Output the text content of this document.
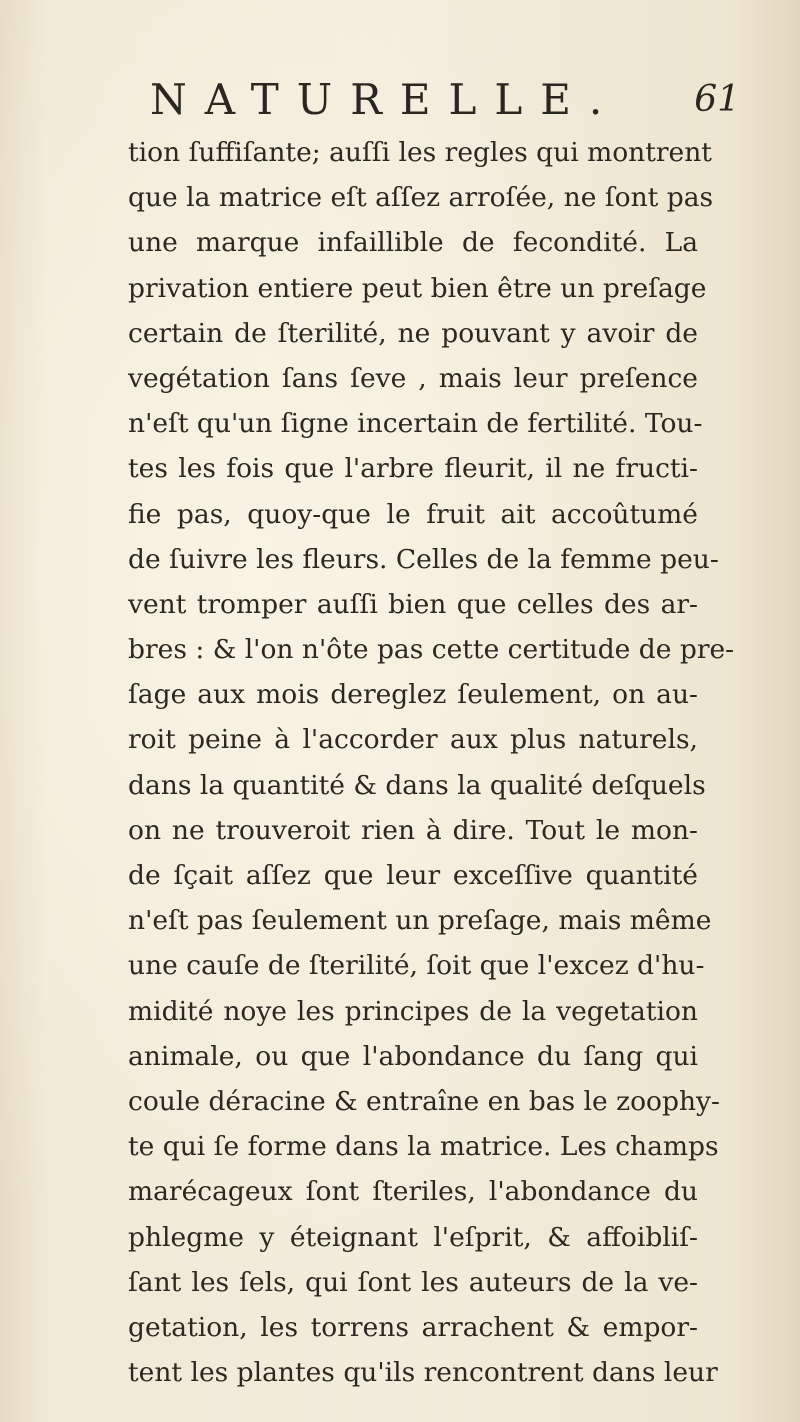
NATURELLE. 61
tion ſuffiſante; auſſi les regles qui montrent
que la matrice eſt aſſez arroſée, ne ſont pas
une marque infaillible de fecondité. La
privation entiere peut bien être un preſage
certain de ſterilité, ne pouvant y avoir de
vegétation ſans ſeve , mais leur preſence
n'eſt qu'un ſigne incertain de fertilité. Tou-
tes les fois que l'arbre fleurit, il ne fructi-
fie pas, quoy-que le fruit ait accoûtumé
de ſuivre les fleurs. Celles de la femme peu-
vent tromper auſſi bien que celles des ar-
bres : & l'on n'ôte pas cette certitude de pre-
ſage aux mois dereglez ſeulement, on au-
roit peine à l'accorder aux plus naturels,
dans la quantité & dans la qualité deſquels
on ne trouveroit rien à dire. Tout le mon-
de ſçait aſſez que leur exceſſive quantité
n'eſt pas ſeulement un preſage, mais même
une cauſe de ſterilité, ſoit que l'excez d'hu-
midité noye les principes de la vegetation
animale, ou que l'abondance du ſang qui
coule déracine & entraîne en bas le zoophy-
te qui ſe forme dans la matrice. Les champs
marécageux ſont ſteriles, l'abondance du
phlegme y éteignant l'eſprit, & affoibliſ-
ſant les ſels, qui ſont les auteurs de la ve-
getation, les torrens arrachent & empor-
tent les plantes qu'ils rencontrent dans leur
